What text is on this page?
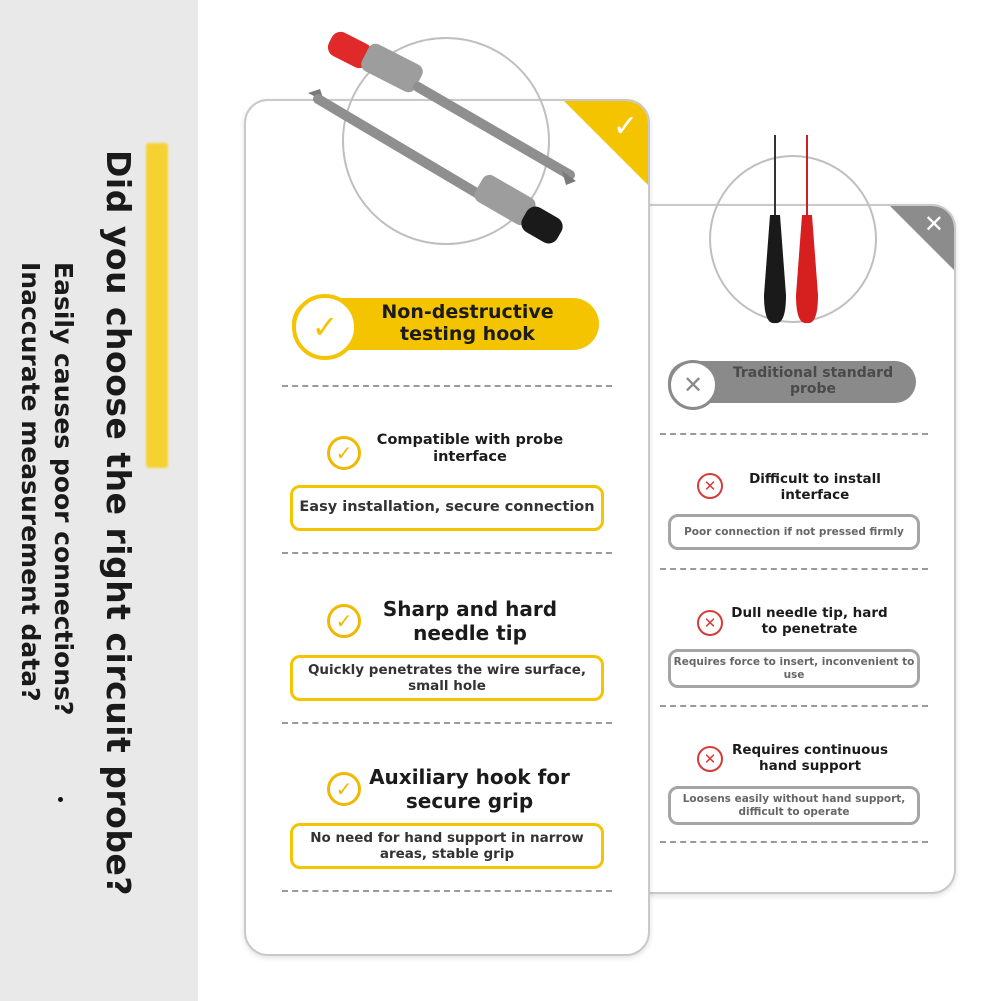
Did you choose the right circuit probe?
Easily causes poor connections?
Inaccurate measurement data?
✕
✓
✓	Non-destructive
testing hook
✕	Traditional standard
probe
✓
Compatible with probe interface
Easy installation, secure connection
✓	Sharp and hard needle tip
Quickly penetrates the wire surface, small hole
✓ Auxiliary hook for secure grip
No need for hand support in narrow areas, stable grip
✕	Difficult to install interface
Poor connection if not pressed firmly
✕
Dull needle tip, hard to penetrate
Requires force to insert, inconvenient to use
✕	Requires continuous hand support
Loosens easily without hand support, difficult to operate
